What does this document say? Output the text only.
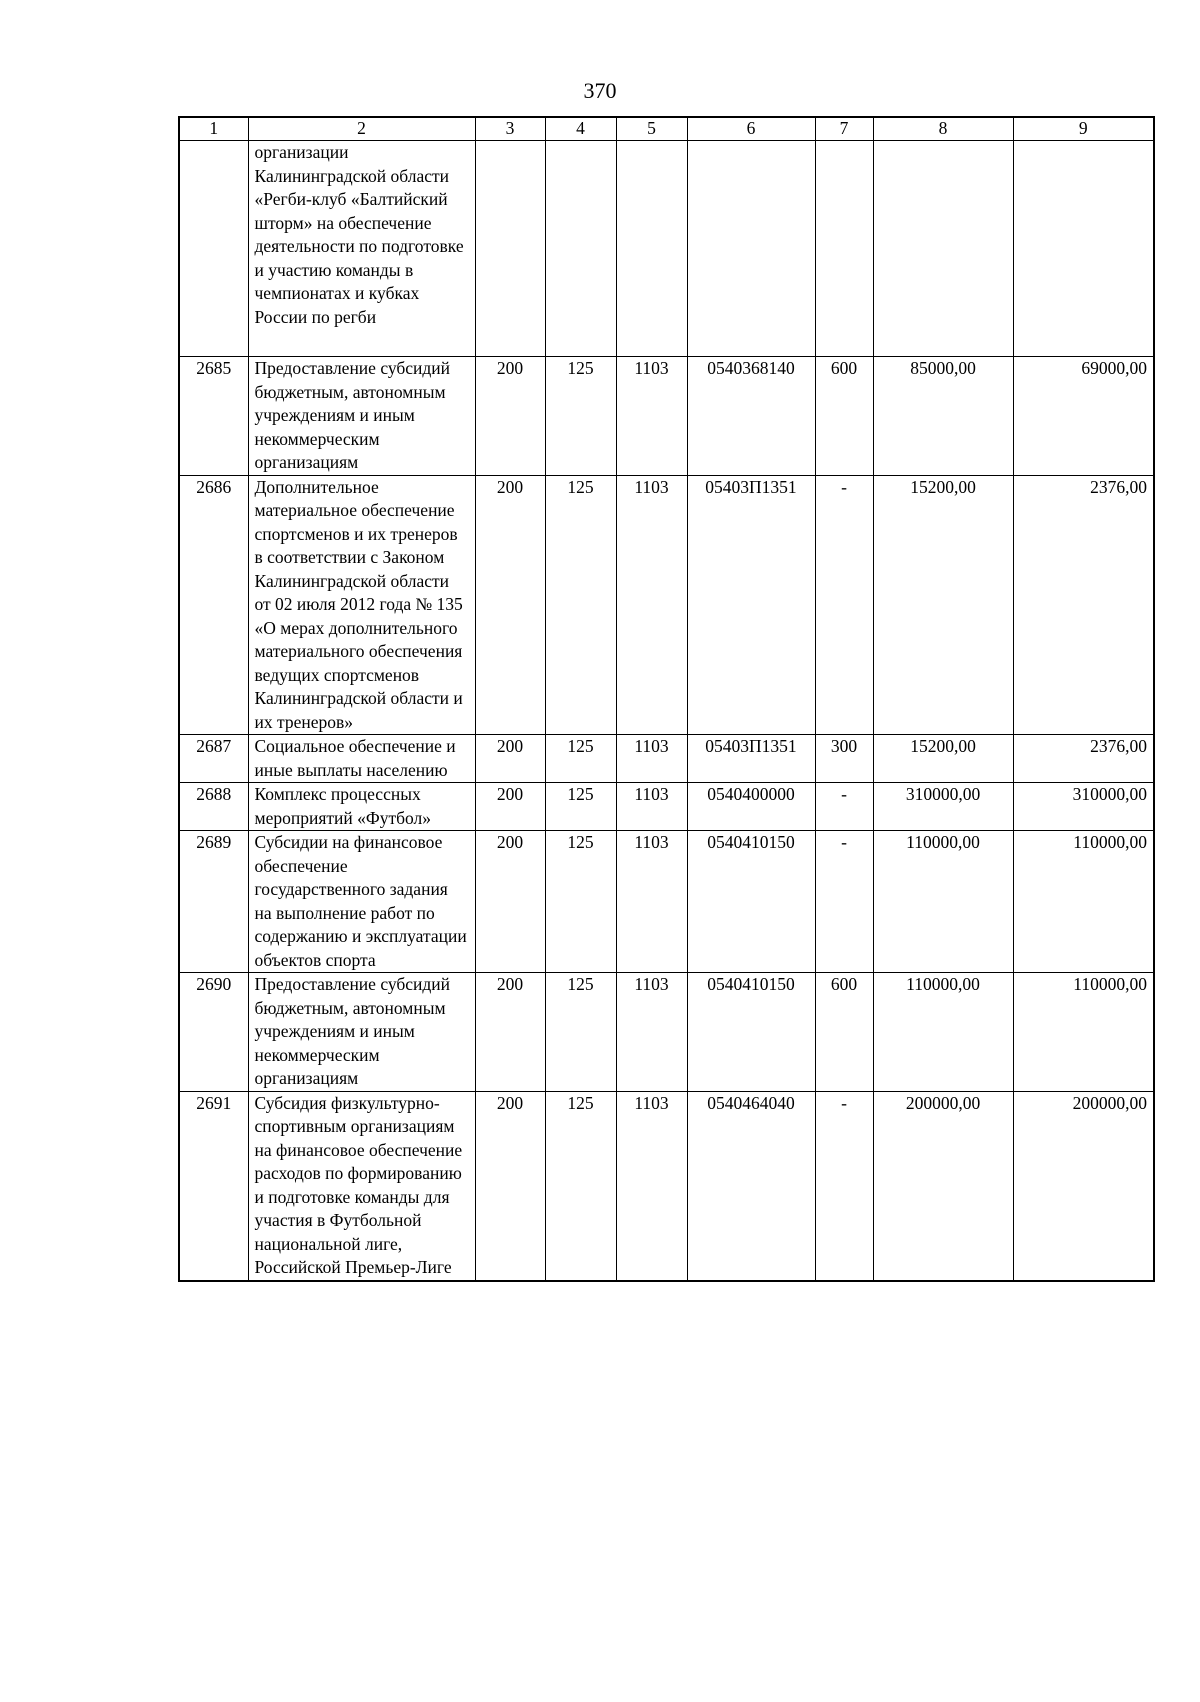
370
1	2	3	4	5	6	7	8	9
	организации Калининградской области «Регби-клуб «Балтийский шторм» на обеспечение деятельности по подготовке и участию команды в чемпионатах и кубках России по регби							
2685	Предоставление субсидий бюджетным, автономным учреждениям и иным некоммерческим организациям	200	125	1103	0540368140	600	85000,00	69000,00
2686	Дополнительное материальное обеспечение спортсменов и их тренеров в соответствии с Законом Калининградской области от 02 июля 2012 года № 135 «О мерах дополнительного материального обеспечения ведущих спортсменов Калининградской области и их тренеров»	200	125	1103	05403П1351	-	15200,00	2376,00
2687	Социальное обеспечение и иные выплаты населению	200	125	1103	05403П1351	300	15200,00	2376,00
2688	Комплекс процессных мероприятий «Футбол»	200	125	1103	0540400000	-	310000,00	310000,00
2689	Субсидии на финансовое обеспечение государственного задания на выполнение работ по содержанию и эксплуатации объектов спорта	200	125	1103	0540410150	-	110000,00	110000,00
2690	Предоставление субсидий бюджетным, автономным учреждениям и иным некоммерческим организациям	200	125	1103	0540410150	600	110000,00	110000,00
2691	Субсидия физкультурно-спортивным организациям на финансовое обеспечение расходов по формированию и подготовке команды для участия в Футбольной национальной лиге, Российской Премьер-Лиге	200	125	1103	0540464040	-	200000,00	200000,00
